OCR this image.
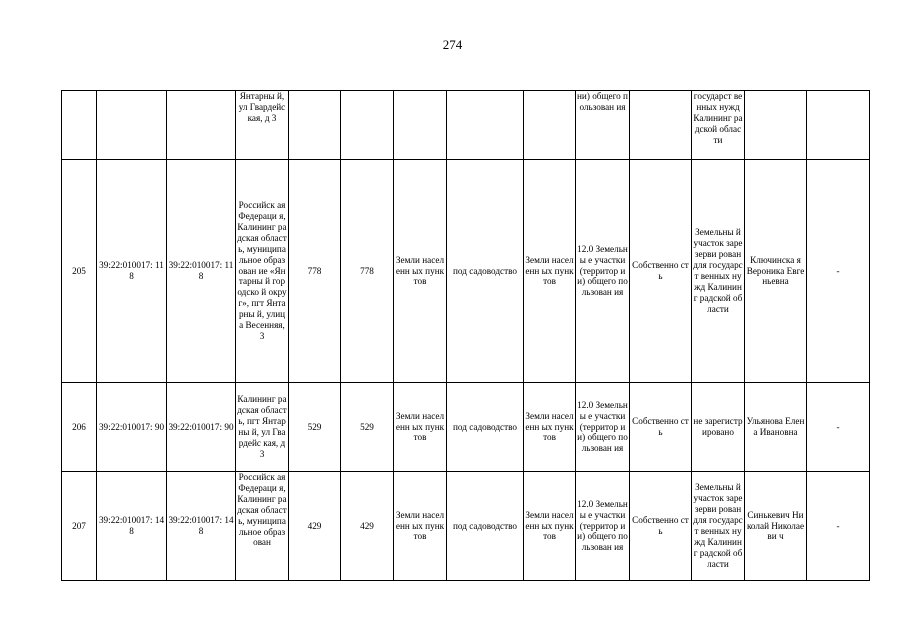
274
			Янтарны й, ул Гвардейс кая, д 3						ни) общего пользован ия		государст венных нужд Калининг радской области		
205	39:22:010017: 118	39:22:010017: 118	Российск ая Федераци я, Калининг радская область, муниципа льное образован ие «Янтарны й городско й округ», пгт Янтарны й, улица Весенняя, 3	778	778	Земли населенн ых пунктов	под садоводство	Земли населенн ых пунктов	12.0 Земельны е участки (территор ии) общего пользован ия	Собственно сть	Земельны й участок зарезерви рован для государст венных нужд Калининг радской области	Ключинска я Вероника Евгеньевна	-
206	39:22:010017: 90	39:22:010017: 90	Калининг радская область, пгт Янтарны й, ул Гвардейс кая, д 3	529	529	Земли населенн ых пунктов	под садоводство	Земли населенн ых пунктов	12.0 Земельны е участки (территор ии) общего пользован ия	Собственно сть	не зарегистр ировано	Ульянова Елена Ивановна	-
207	39:22:010017: 148	39:22:010017: 148	Российск ая Федераци я, Калининг радская область, муниципа льное образован	429	429	Земли населенн ых пунктов	под садоводство	Земли населенн ых пунктов	12.0 Земельны е участки (территор ии) общего пользован ия	Собственно сть	Земельны й участок зарезерви рован для государст венных нужд Калининг радской области	Синькевич Николай Николаеви ч	-
